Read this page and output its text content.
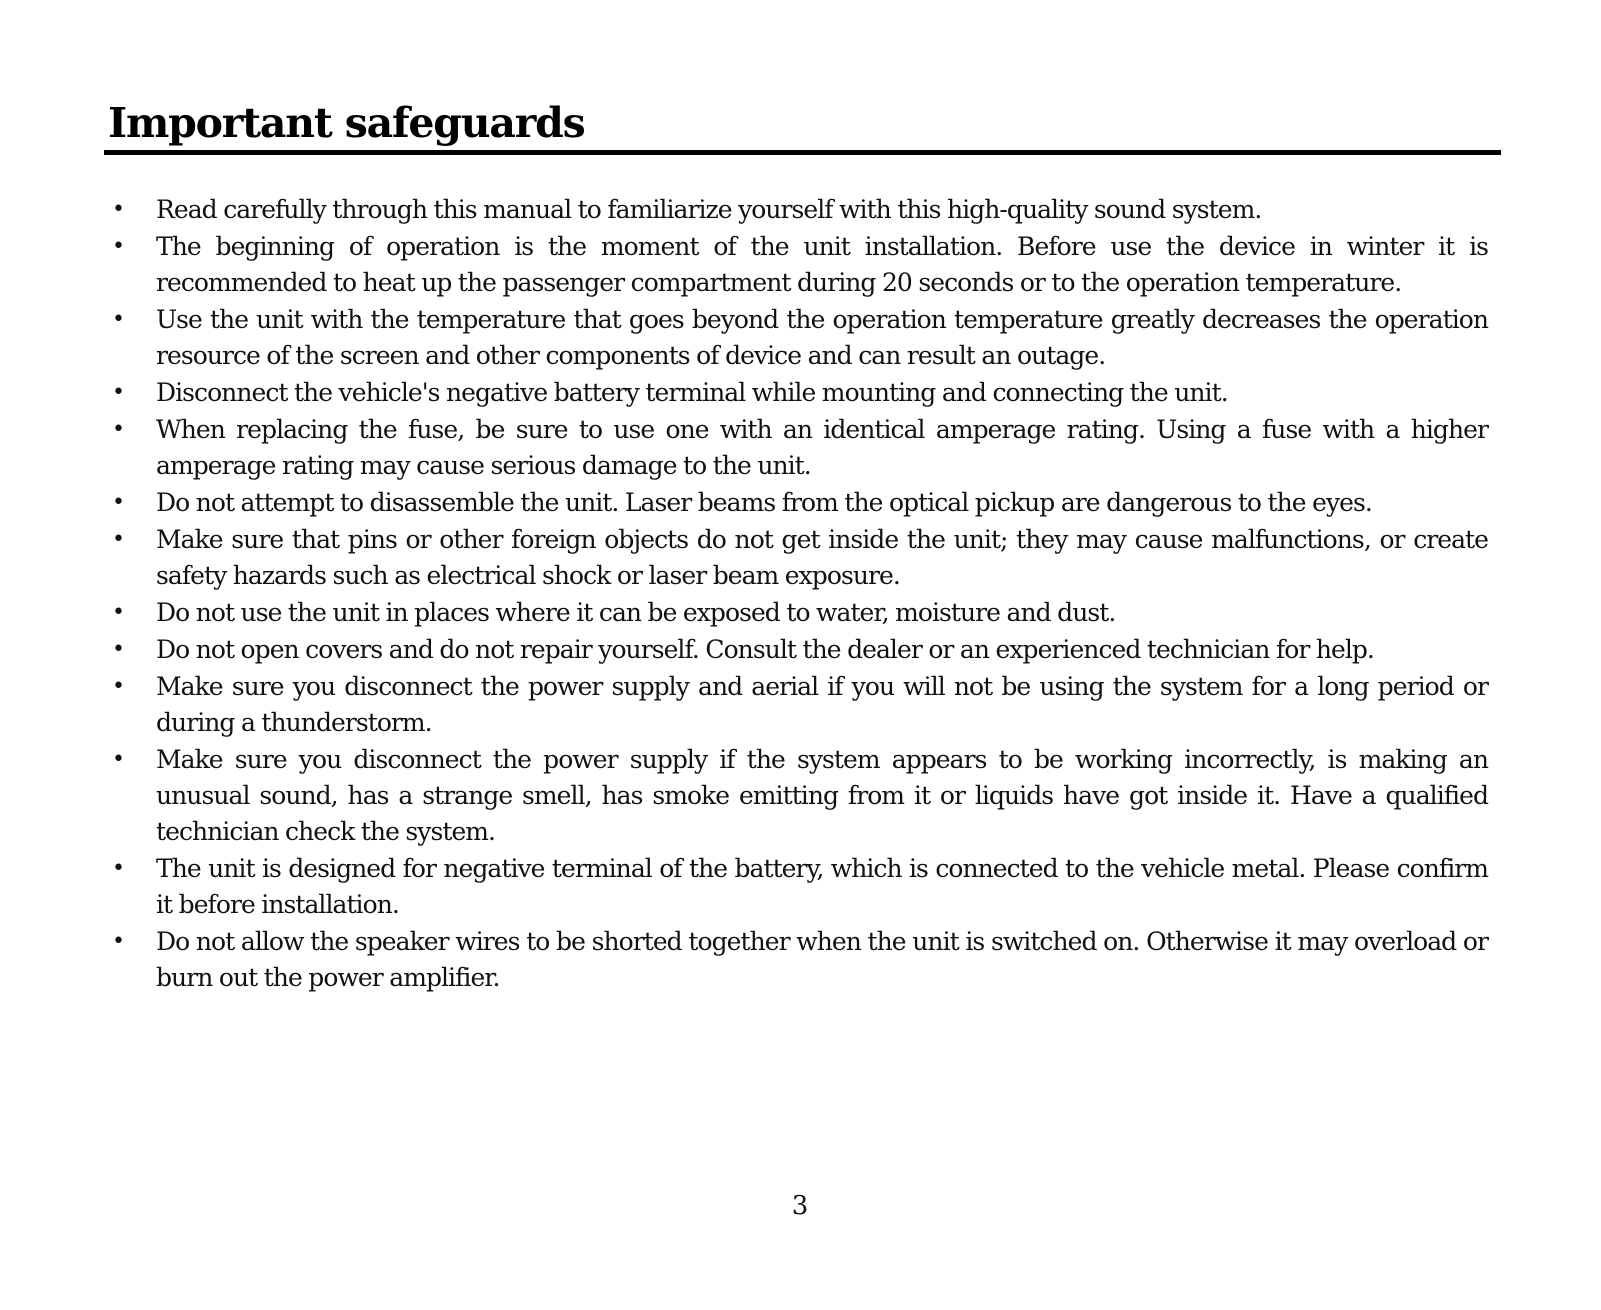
Important safeguards
• Read carefully through this manual to familiarize yourself with this high-quality sound system.
• The beginning of operation is the moment of the unit installation. Before use the device in winter it is recommended to heat up the passenger compartment during 20 seconds or to the operation temperature.
• Use the unit with the temperature that goes beyond the operation temperature greatly decreases the operation resource of the screen and other components of device and can result an outage.
• Disconnect the vehicle's negative battery terminal while mounting and connecting the unit.
• When replacing the fuse, be sure to use one with an identical amperage rating. Using a fuse with a higher amperage rating may cause serious damage to the unit.
• Do not attempt to disassemble the unit. Laser beams from the optical pickup are dangerous to the eyes.
• Make sure that pins or other foreign objects do not get inside the unit; they may cause malfunctions, or create safety hazards such as electrical shock or laser beam exposure.
• Do not use the unit in places where it can be exposed to water, moisture and dust.
• Do not open covers and do not repair yourself. Consult the dealer or an experienced technician for help.
• Make sure you disconnect the power supply and aerial if you will not be using the system for a long period or during a thunderstorm.
• Make sure you disconnect the power supply if the system appears to be working incorrectly, is making an unusual sound, has a strange smell, has smoke emitting from it or liquids have got inside it. Have a qualified technician check the system.
• The unit is designed for negative terminal of the battery, which is connected to the vehicle metal. Please confirm it before installation.
• Do not allow the speaker wires to be shorted together when the unit is switched on. Otherwise it may overload or burn out the power amplifier.
3
